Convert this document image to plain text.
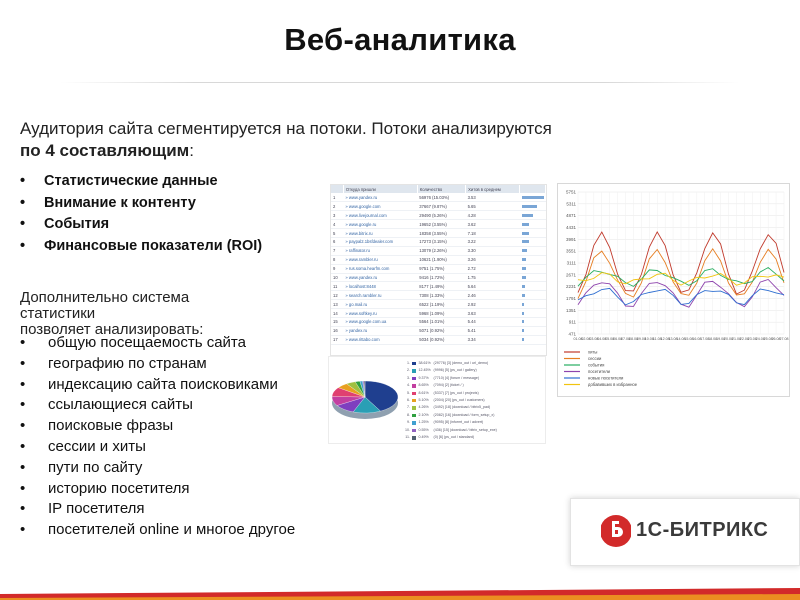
Веб-аналитика
Аудитория сайта сегментируется на потоки. Потоки анализируются
по 4 составляющим:
• Статистические данные
• Внимание к контенту
• События
• Финансовые показатели (ROI)
Дополнительно система
статистики
позволяет анализировать:
• общую посещаемость сайта
• географию по странам
• индексацию сайта поисковиками
• ссылающиеся сайты
• поисковые фразы
• сессии и хиты
• пути по сайту
• историю посетителя
• IP посетителя
• посетителей online и многое другое
	Откуда пришли	Количество	Хитов в среднем	
1	» www.yandex.ru	56976 (15.03%)	3.53	

2	» www.google.com	37667 (9.87%)	5.65	

3	» www.livejournal.com	29490 (5.26%)	4.28	

4	» www.google.ru	19652 (3.55%)	3.62	

5	» www.bitrix.ru	18358 (3.55%)	7.18	

6	» paypal2.1bsfdealer.com	17273 (3.15%)	3.22	

7	» raffinator.ru	13079 (2.26%)	3.30	

8	» www.rambler.ru	10621 (1.90%)	3.26	

9	» rus.soma.hearfm.com	9751 (1.75%)	2.72	

10	» www.yandex.ru	9416 (1.72%)	1.75	

11	» localhost:8448	8177 (1.49%)	5.64	

12	» search.rambler.ru	7308 (1.33%)	2.46	

13	» go.mail.ru	6522 (1.19%)	2.92	

14	» www.softkey.ru	5968 (1.09%)	3.63	

15	» www.google.com.ua	5564 (1.01%)	5.44	

16	» yandex.ru	5071 (0.92%)	5.41	

17	» www.rittabo.com	5034 (0.92%)	3.34	
5751
5311
4871
4431
3991
3551
3111
2671
2231
1791
1351
911
471
01.08
02.08
03.08
04.08
05.08
06.08
07.08
08.08
09.08
10.08 11.08 12.08
13.08
14.08
15.08
16.08
17.08
18.08
19.08
20.08
21.08
22.08
23.08
24.08
25.08
26.08
27.08
хиты
сессии
события
посетители
новые посетители
добавивших в избранное
1. 38.61% (29776) [3] (demo_out / url_demo)
2. 12.45% (9996) [5] (ps_out / gallery)
3. 9.37%	(7710) [4] (forum / message)
4. 8.65%	(7094) [2] (ticket / )
5. 8.61%	(5337) [7] (ps_out / projects)
6. 5.10%	(2004) [20] (ps_out / customers)
7. 4.26%	(3492) [18] (download / bitrix5_pad)
8. 2.10%	(2082) [16] (download / form_setup_x)
9. 1.25%	(9095) [8] (informt_out / advert)
10. 0.55%	(436) [15] (download / bitrix_setup_exe)
11. 0.49%	(0) [6] (ps_out / standard)
1С-БИТРИКС
